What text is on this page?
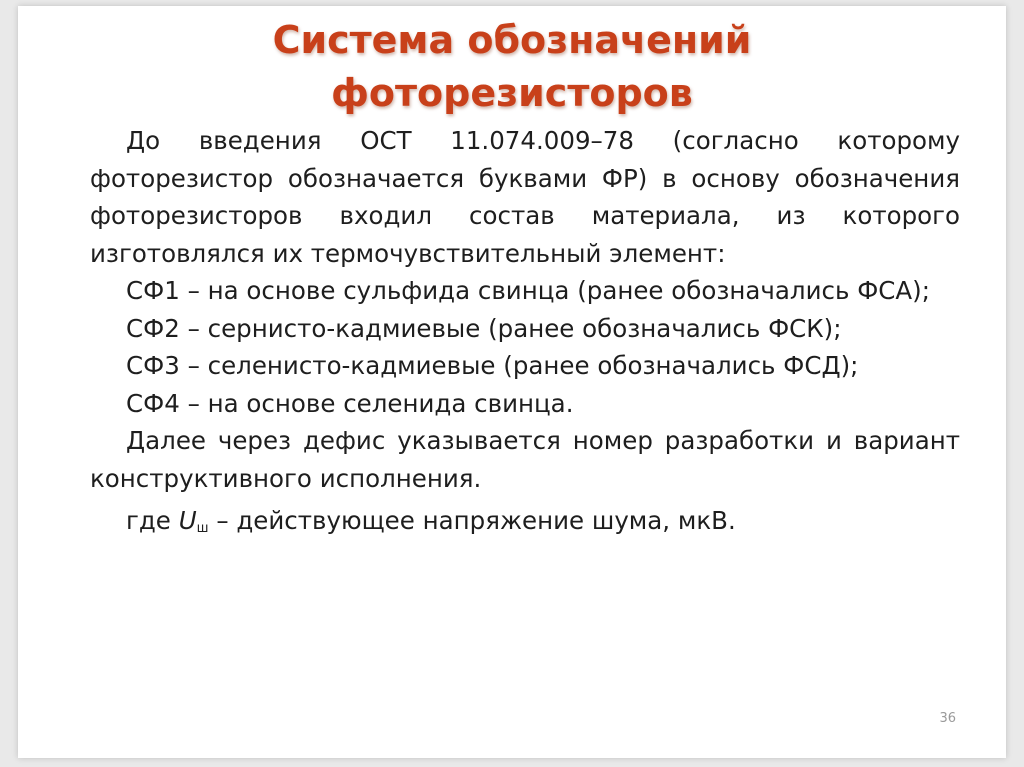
Система обозначений
фоторезисторов

До введения ОСТ 11.074.009–78 (согласно которому фоторезистор обозначается буквами ФР) в основу обозначения фоторезисторов входил состав материала, из которого изготовлялся их термочувствительный элемент:

СФ1 – на основе сульфида свинца (ранее обозначались ФСА);

СФ2 – сернисто-кадмиевые (ранее обозначались ФСК);

СФ3 – селенисто-кадмиевые (ранее обозначались ФСД);

СФ4 – на основе селенида свинца.

Далее через дефис указывается номер разработки и вариант конструктивного исполнения.

где $U_ш$ – действующее напряжение шума, мкВ.

36
